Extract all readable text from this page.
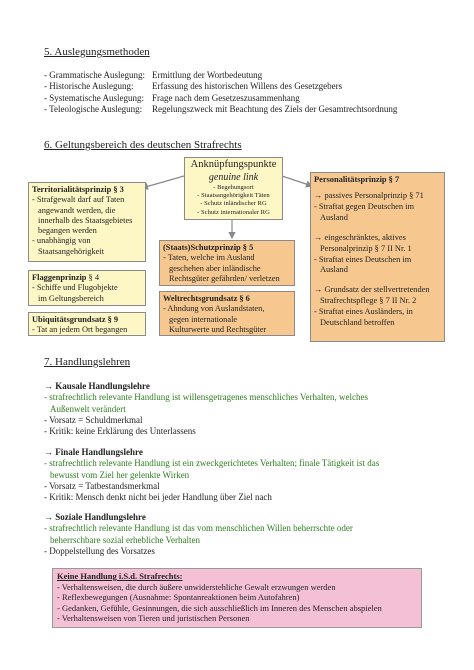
5. Auslegungsmethoden
- Grammatische Auslegung: Ermittlung der Wortbedeutung
- Historische Auslegung:	Erfassung des historischen Willens des Gesetzgebers
- Systematische Auslegung: Frage nach dem Gesetzeszusammenhang
- Teleologische Auslegung:	Regelungszweck mit Beachtung des Ziels der Gesamtrechtsordnung
6. Geltungsbereich des deutschen Strafrechts
Anknüpfungspunkte
genuine link
- Begehungsort
- Staatsangehörigkeit Täten
- Schutz inländischer RG
- Schutz internationaler RG
Territorialitätsprinzip § 3
- Strafgewalt darf auf Taten
angewandt werden, die
innerhalb des Staatsgebietes
begangen werden
- unabhängig von
Staatsangehörigkeit
Flaggenprinzip § 4
- Schiffe und Flugobjekte
im Geltungsbereich
Ubiquitätsgrundsatz § 9
- Tat an jedem Ort begangen
(Staats)Schutzprinzip § 5
- Taten, welche im Ausland
geschehen aber inländische
Rechtsgüter gefährden/ verletzen
Weltrechtsgrundsatz § 6
- Ahndung von Auslandstaten,
gegen internationale
Kulturwerte und Rechtsgüter
Personalitätsprinzip § 7
→ passives Personalprinzip § 71
- Straftat gegen Deutschen im
Ausland
→ eingeschränktes, aktives
Personalprinzip § 7 II Nr. 1
- Straftat eines Deutschen im
Ausland
→ Grundsatz der stellvertretenden
Strafrechtspflege § 7 II Nr. 2
- Straftat eines Ausländers, in
Deutschland betroffen
7. Handlungslehren
→ Kausale Handlungslehre
- strafrechtlich relevante Handlung ist willensgetragenes menschliches Verhalten, welches
Außenwelt verändert
- Vorsatz = Schuldmerkmal
- Kritik: keine Erklärung des Unterlassens
→ Finale Handlungslehre
- strafrechtlich relevante Handlung ist ein zweckgerichtetes Verhalten; finale Tätigkeit ist das
bewusst vom Ziel her gelenkte Wirken
- Vorsatz = Tatbestandsmerkmal
- Kritik: Mensch denkt nicht bei jeder Handlung über Ziel nach
→ Soziale Handlungslehre
- strafrechtlich relevante Handlung ist das vom menschlichen Willen beherrschte oder
beherrschbare sozial erhebliche Verhalten
- Doppelstellung des Vorsatzes
Keine Handlung i.S.d. Strafrechts:
- Verhaltensweisen, die durch äußere unwiderstehliche Gewalt erzwungen werden
- Reflexbewegungen (Ausnahme: Spontanreaktionen beim Autofahren)
- Gedanken, Gefühle, Gesinnungen, die sich ausschließlich im Inneren des Menschen abspielen
- Verhaltensweisen von Tieren und juristischen Personen
